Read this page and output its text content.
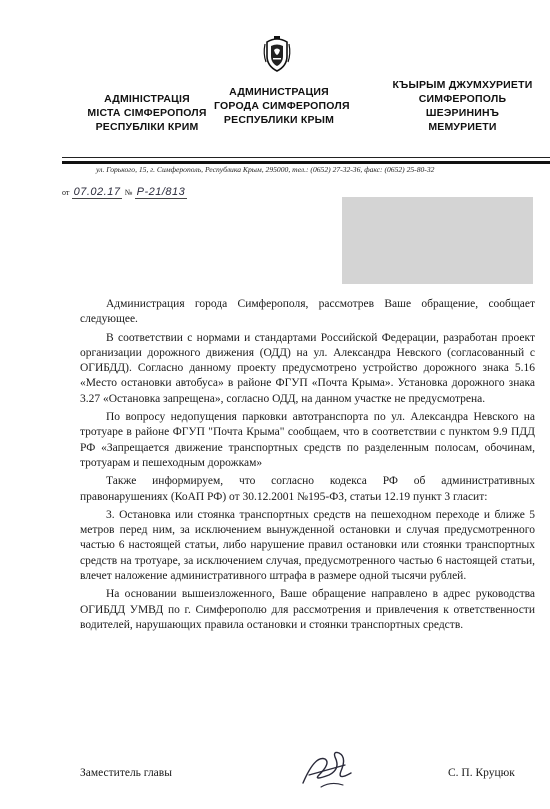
АДМІНІСТРАЦІЯ
МІСТА СІМФЕРОПОЛЯ
РЕСПУБЛІКИ КРИМ
АДМИНИСТРАЦИЯ
ГОРОДА СИМФЕРОПОЛЯ
РЕСПУБЛИКИ КРЫМ
КЪЫРЫМ ДЖУМХУРИЕТИ
СИМФЕРОПОЛЬ
ШЕЭРИНИНЪ
МЕМУРИЕТИ
ул. Горького, 15, г. Симферополь, Республика Крым, 295000, тел.: (0652) 27-32-36, факс: (0652) 25-80-32
от 07.02.17 № Р-21/813

Администрация города Симферополя, рассмотрев Ваше обращение, сообщает следующее.

В соответствии с нормами и стандартами Российской Федерации, разработан проект организации дорожного движения (ОДД) на ул. Александра Невского (согласованный с ОГИБДД). Согласно данному проекту предусмотрено устройство дорожного знака 5.16 «Место остановки автобуса» в районе ФГУП «Почта Крыма». Установка дорожного знака 3.27 «Остановка запрещена», согласно ОДД, на данном участке не предусмотрена.

По вопросу недопущения парковки автотранспорта по ул. Александра Невского на тротуаре в районе ФГУП "Почта Крыма" сообщаем, что в соответствии с пунктом 9.9 ПДД РФ «Запрещается движение транспортных средств по разделенным полосам, обочинам, тротуарам и пешеходным дорожкам»

Также информируем, что согласно кодекса РФ об административных правонарушениях (КоАП РФ) от 30.12.2001 №195-ФЗ, статьи 12.19 пункт 3 гласит:

3. Остановка или стоянка транспортных средств на пешеходном переходе и ближе 5 метров перед ним, за исключением вынужденной остановки и случая предусмотренного частью 6 настоящей статьи, либо нарушение правил остановки или стоянки транспортных средств на тротуаре, за исключением случая, предусмотренного частью 6 настоящей статьи, влечет наложение административного штрафа в размере одной тысячи рублей.

На основании вышеизложенного, Ваше обращение направлено в адрес руководства ОГИБДД УМВД по г. Симферополю для рассмотрения и привлечения к ответственности водителей, нарушающих правила остановки и стоянки транспортных средств.

Заместитель главы	С. П. Круцюк
